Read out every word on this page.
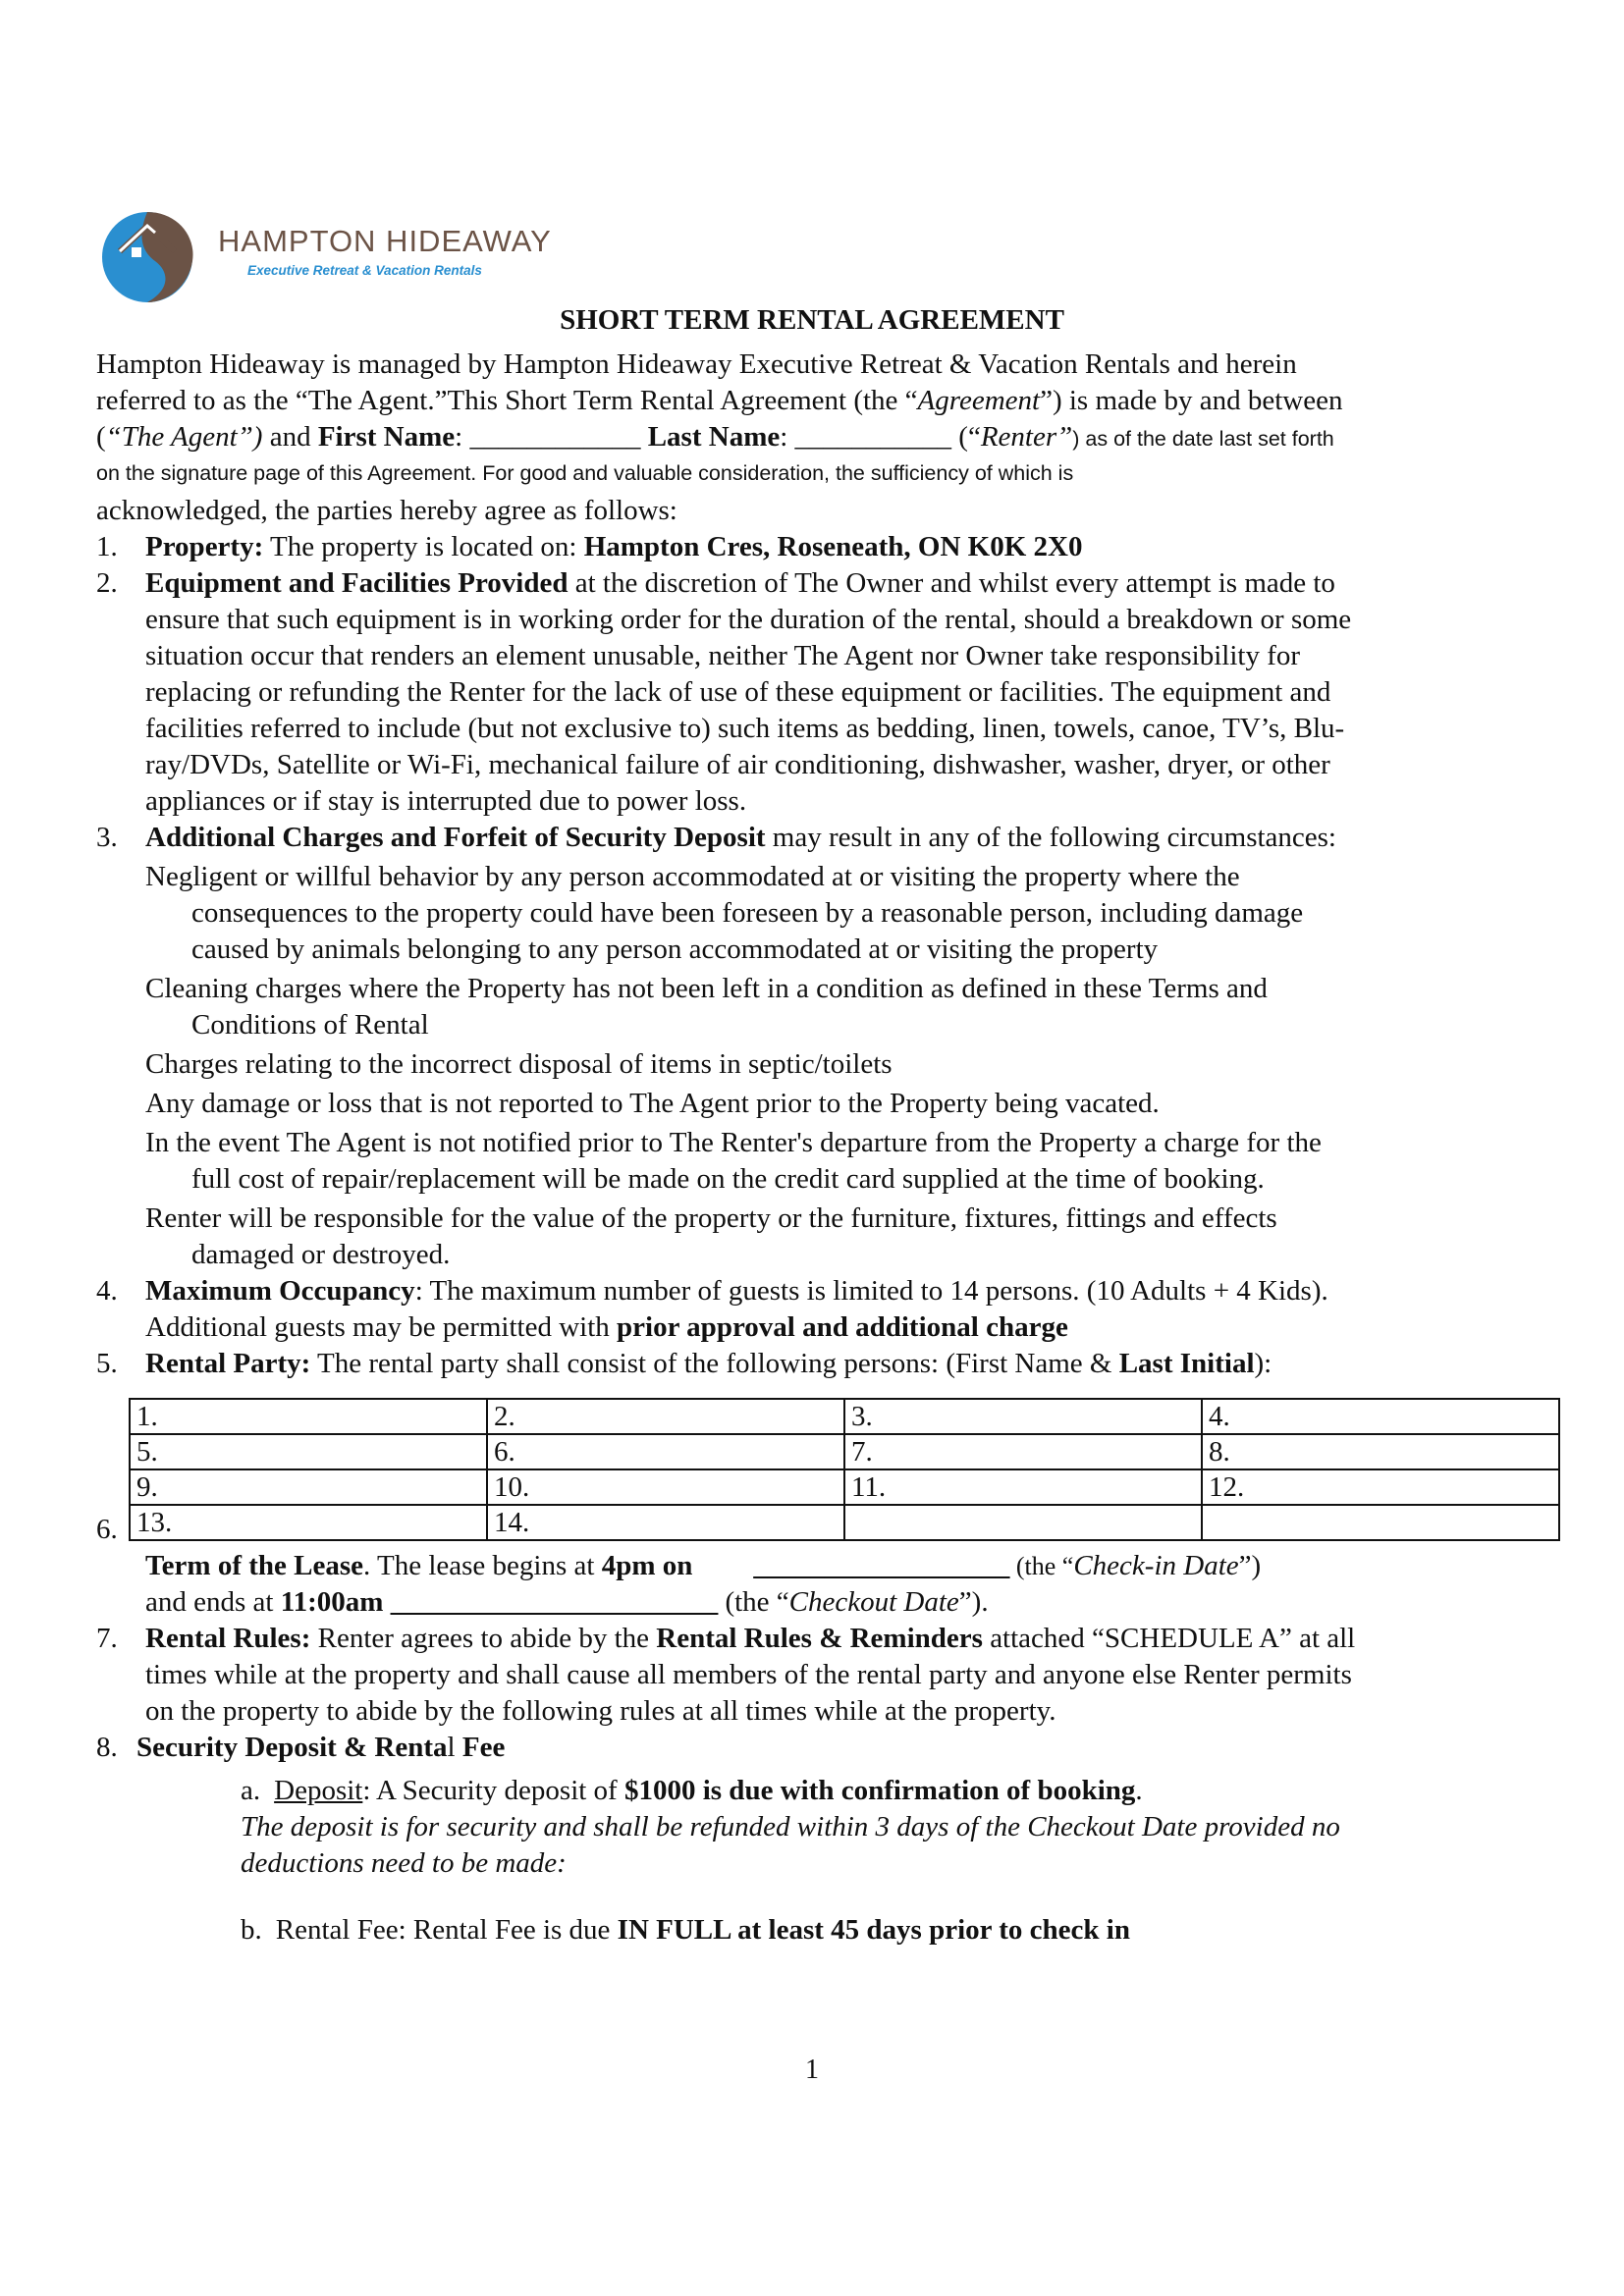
HAMPTON HIDEAWAY
Executive Retreat & Vacation Rentals
SHORT TERM RENTAL AGREEMENT
Hampton Hideaway is managed by Hampton Hideaway Executive Retreat & Vacation Rentals and herein
referred to as the “The Agent.”This Short Term Rental Agreement (the “Agreement”) is made by and between
(“The Agent”) and First Name: ____________ Last Name: ___________ (“Renter”) as of the date last set forth
on the signature page of this Agreement. For good and valuable consideration, the sufficiency of which is
acknowledged, the parties hereby agree as follows:
1. Property: The property is located on: Hampton Cres, Roseneath, ON K0K 2X0
2. Equipment and Facilities Provided at the discretion of The Owner and whilst every attempt is made to
ensure that such equipment is in working order for the duration of the rental, should a breakdown or some
situation occur that renders an element unusable, neither The Agent nor Owner take responsibility for
replacing or refunding the Renter for the lack of use of these equipment or facilities. The equipment and
facilities referred to include (but not exclusive to) such items as bedding, linen, towels, canoe, TV’s, Blu-
ray/DVDs, Satellite or Wi-Fi, mechanical failure of air conditioning, dishwasher, washer, dryer, or other
appliances or if stay is interrupted due to power loss.
3. Additional Charges and Forfeit of Security Deposit may result in any of the following circumstances:
Negligent or willful behavior by any person accommodated at or visiting the property where the
consequences to the property could have been foreseen by a reasonable person, including damage
caused by animals belonging to any person accommodated at or visiting the property
Cleaning charges where the Property has not been left in a condition as defined in these Terms and
Conditions of Rental
Charges relating to the incorrect disposal of items in septic/toilets
Any damage or loss that is not reported to The Agent prior to the Property being vacated.
In the event The Agent is not notified prior to The Renter's departure from the Property a charge for the
full cost of repair/replacement will be made on the credit card supplied at the time of booking.
Renter will be responsible for the value of the property or the furniture, fixtures, fittings and effects
damaged or destroyed.
4. Maximum Occupancy: The maximum number of guests is limited to 14 persons. (10 Adults + 4 Kids).
Additional guests may be permitted with prior approval and additional charge
5. Rental Party: The rental party shall consist of the following persons: (First Name & Last Initial):
1.	2.	3.	4.
5.	6.	7.	8.
9.	10.	11.	12.
13.	14.		
6.
Term of the Lease. The lease begins at 4pm on __________________ (the “Check-in Date”)
and ends at 11:00am _______________________ (the “Checkout Date”).
7. Rental Rules: Renter agrees to abide by the Rental Rules & Reminders attached “SCHEDULE A” at all
times while at the property and shall cause all members of the rental party and anyone else Renter permits
on the property to abide by the following rules at all times while at the property.
8. Security Deposit & Rental Fee
a. Deposit: A Security deposit of $1000 is due with confirmation of booking.
The deposit is for security and shall be refunded within 3 days of the Checkout Date provided no
deductions need to be made:
b. Rental Fee: Rental Fee is due IN FULL at least 45 days prior to check in
1
